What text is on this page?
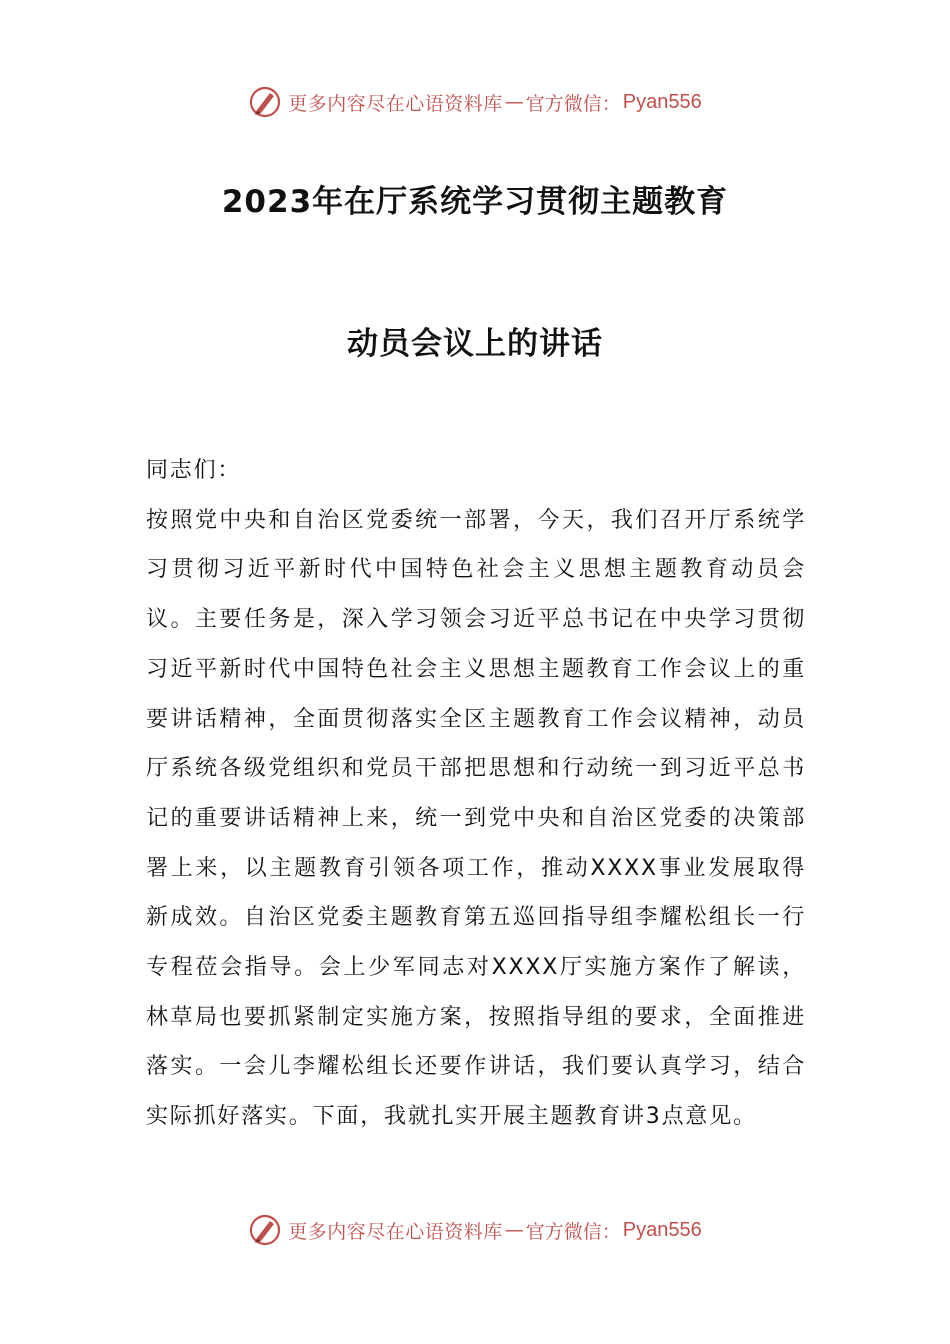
更多内容尽在心语资料库 — 官方微信： Pyan556
2023年在厅系统学习贯彻主题教育
动员会议上的讲话
同志们：
按照党中央和自治区党委统一部署，今天，我们召开厅系统学习贯彻习近平新时代中国特色社会主义思想主题教育动员会议。主要任务是，深入学习领会习近平总书记在中央学习贯彻习近平新时代中国特色社会主义思想主题教育工作会议上的重要讲话精神，全面贯彻落实全区主题教育工作会议精神，动员厅系统各级党组织和党员干部把思想和行动统一到习近平总书记的重要讲话精神上来，统一到党中央和自治区党委的决策部署上来，以主题教育引领各项工作，推动XXXX事业发展取得新成效。自治区党委主题教育第五巡回指导组李耀松组长一行专程莅会指导。会上少军同志对XXXX厅实施方案作了解读，林草局也要抓紧制定实施方案，按照指导组的要求，全面推进落实。一会儿李耀松组长还要作讲话，我们要认真学习，结合实际抓好落实。下面，我就扎实开展主题教育讲3点意见。
更多内容尽在心语资料库 — 官方微信： Pyan556
